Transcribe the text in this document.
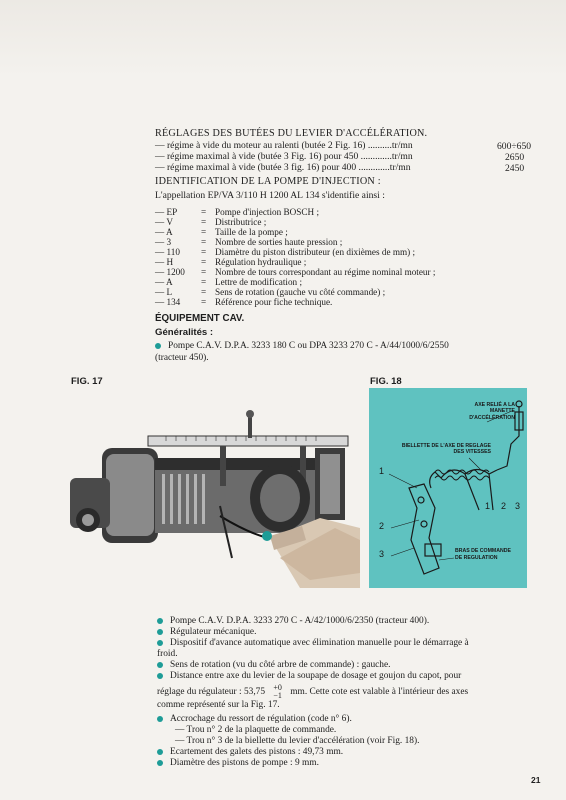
RÉGLAGES DES BUTÉES DU LEVIER D'ACCÉLÉRATION.
— régime à vide du moteur au ralenti (butée 2 Fig. 16) ..........tr/mn	600÷650
— régime maximal à vide (butée 3 Fig. 16) pour 450 .............tr/mn	2650
— régime maximal à vide (butée 3 fig. 16) pour 400 .............tr/mn	2450
IDENTIFICATION DE LA POMPE D'INJECTION :
L'appellation EP/VA 3/110 H 1200 AL 134 s'identifie ainsi :
— EP	= Pompe d'injection BOSCH ;
— V	= Distributrice ;
— A	= Taille de la pompe ;
— 3	= Nombre de sorties haute pression ;
— 110 = Diamètre du piston distributeur (en dixièmes de mm) ;
— H	= Régulation hydraulique ;
— 1200 = Nombre de tours correspondant au régime nominal moteur ;
— A	= Lettre de modification ;
— L	= Sens de rotation (gauche vu côté commande) ;
— 134 = Référence pour fiche technique.
ÉQUIPEMENT CAV.
Généralités :
Pompe C.A.V. D.P.A. 3233 180 C ou DPA 3233 270 C - A/44/1000/6/2550
(tracteur 450).
FIG. 17	FIG. 18
AXE RELIÉ A LA
MANETTE
D'ACCÉLÉRATION
BIELLETTE DE L'AXE DE REGLAGE
DES VITESSES
BRAS DE COMMANDE
DE REGULATION
1
2
3
1 2 3
Pompe C.A.V. D.P.A. 3233 270 C - A/42/1000/6/2350 (tracteur 400).
Régulateur mécanique.
Dispositif d'avance automatique avec élimination manuelle pour le démarrage à
froid.
Sens de rotation (vu du côté arbre de commande) : gauche.
Distance entre axe du levier de la soupape de dosage et goujon du capot, pour
réglage du régulateur : 53,75 +0
−1 mm. Cette cote est valable à l'intérieur des axes
comme représenté sur la Fig. 17.
Accrochage du ressort de régulation (code n° 6).
— Trou n° 2 de la plaquette de commande.
— Trou n° 3 de la biellette du levier d'accélération (voir Fig. 18).
Ecartement des galets des pistons : 49,73 mm.
Diamètre des pistons de pompe : 9 mm.
21
